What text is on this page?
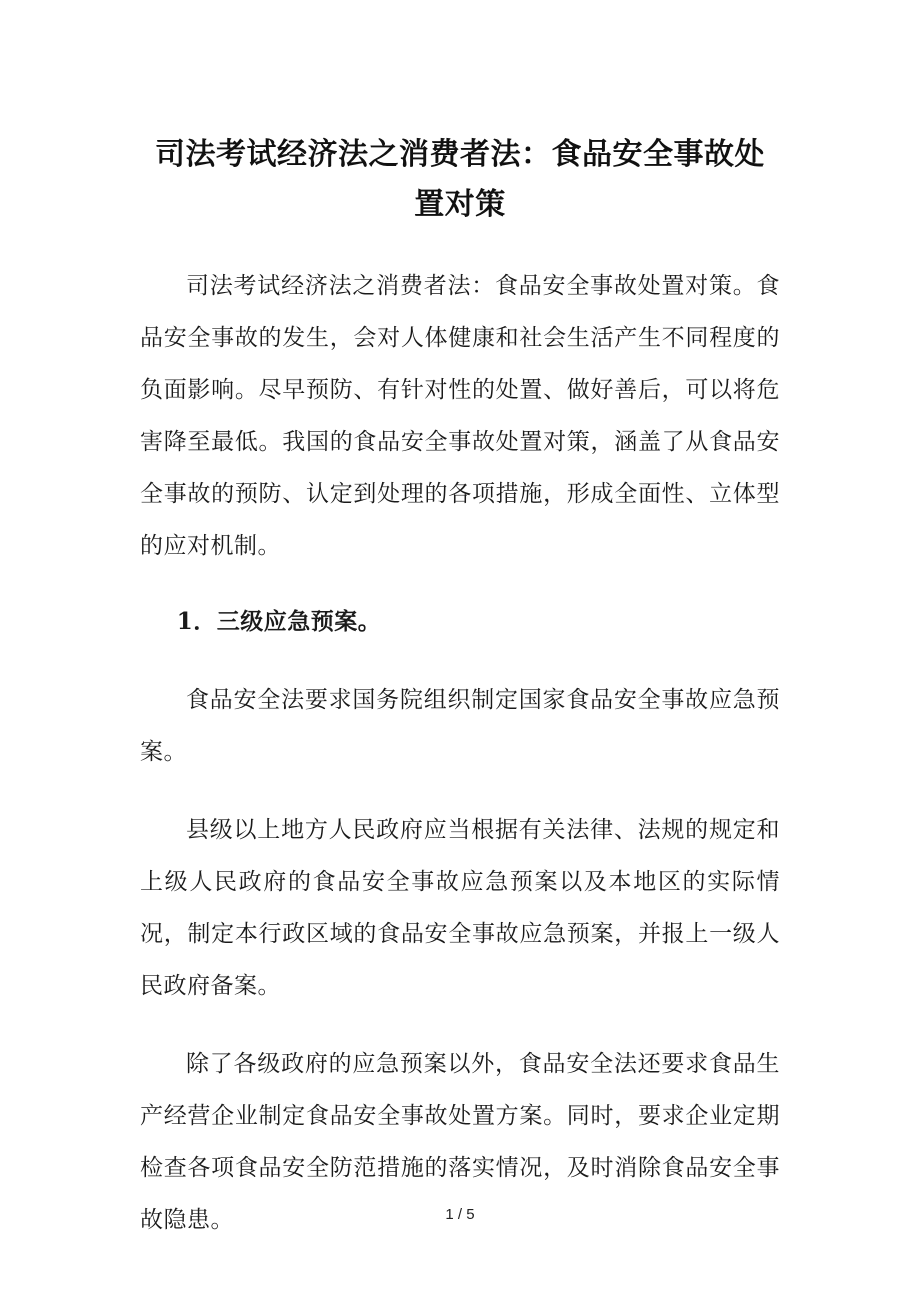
司法考试经济法之消费者法：食品安全事故处置对策

司法考试经济法之消费者法：食品安全事故处置对策。食品安全事故的发生，会对人体健康和社会生活产生不同程度的负面影响。尽早预防、有针对性的处置、做好善后，可以将危害降至最低。我国的食品安全事故处置对策，涵盖了从食品安全事故的预防、认定到处理的各项措施，形成全面性、立体型的应对机制。

1．三级应急预案。

食品安全法要求国务院组织制定国家食品安全事故应急预案。

县级以上地方人民政府应当根据有关法律、法规的规定和上级人民政府的食品安全事故应急预案以及本地区的实际情况，制定本行政区域的食品安全事故应急预案，并报上一级人民政府备案。

除了各级政府的应急预案以外，食品安全法还要求食品生产经营企业制定食品安全事故处置方案。同时，要求企业定期检查各项食品安全防范措施的落实情况，及时消除食品安全事故隐患。	1 / 5
